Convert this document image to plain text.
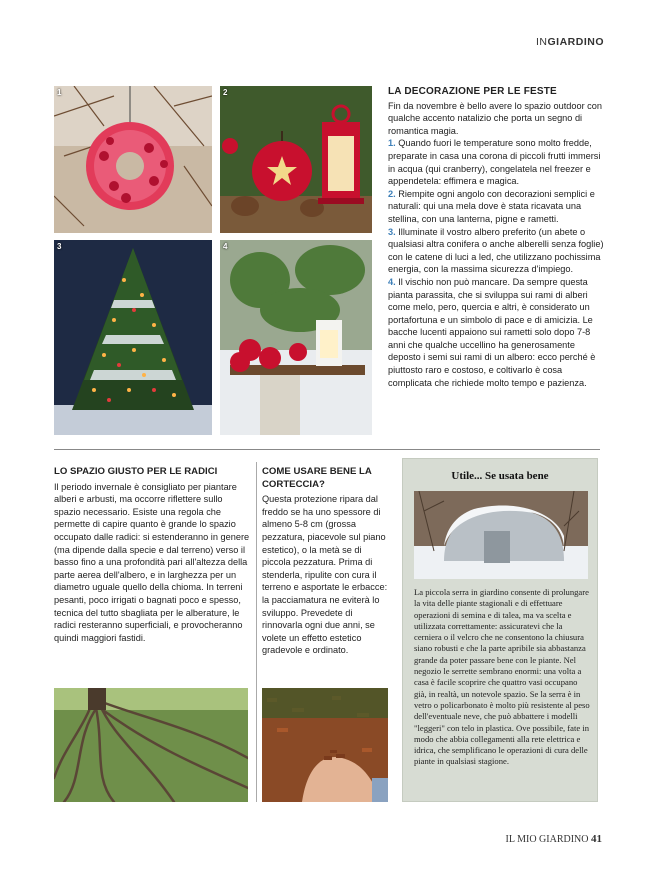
INGIARDINO
1	2
3	4
LA DECORAZIONE PER LE FESTE

Fin da novembre è bello avere lo spazio outdoor con qualche accento natalizio che porta un segno di romantica magia.

1. Quando fuori le temperature sono molto fredde, preparate in casa una corona di piccoli frutti immersi in acqua (qui cranberry), congelatela nel freezer e appendetela: effimera e magica.

2. Riempite ogni angolo con decorazioni semplici e naturali: qui una mela dove è stata ricavata una stellina, con una lanterna, pigne e rametti.

3. Illuminate il vostro albero preferito (un abete o qualsiasi altra conifera o anche alberelli senza foglie) con le catene di luci a led, che utilizzano pochissima energia, con la massima sicurezza d'impiego.

4. Il vischio non può mancare. Da sempre questa pianta parassita, che si sviluppa sui rami di alberi come melo, pero, quercia e altri, è considerato un portafortuna e un simbolo di pace e di amicizia. Le bacche lucenti appaiono sui rametti solo dopo 7-8 anni che qualche uccellino ha generosamente deposto i semi sui rami di un albero: ecco perché è piuttosto raro e costoso, e coltivarlo è cosa complicata che richiede molto tempo e pazienza.

LO SPAZIO GIUSTO PER LE RADICI

Il periodo invernale è consigliato per piantare alberi e arbusti, ma occorre riflettere sullo spazio necessario. Esiste una regola che permette di capire quanto è grande lo spazio occupato dalle radici: si estenderanno in genere (ma dipende dalla specie e dal terreno) verso il basso fino a una profondità pari all'altezza della parte aerea dell'albero, e in larghezza per un diametro uguale quello della chioma. In terreni pesanti, poco irrigati o bagnati poco e spesso, tecnica del tutto sbagliata per le alberature, le radici resteranno superficiali, e provocheranno quindi maggiori fastidi.

COME USARE BENE LA CORTECCIA?

Questa protezione ripara dal freddo se ha uno spessore di almeno 5-8 cm (grossa pezzatura, piacevole sul piano estetico), o la metà se di piccola pezzatura. Prima di stenderla, ripulite con cura il terreno e asportate le erbacce: la pacciamatura ne eviterà lo sviluppo. Prevedete di rinnovarla ogni due anni, se volete un effetto estetico gradevole e ordinato.

Utile... Se usata bene

La piccola serra in giardino consente di prolungare la vita delle piante stagionali e di effettuare operazioni di semina e di talea, ma va scelta e utilizzata correttamente: assicuratevi che la cerniera o il velcro che ne consentono la chiusura siano robusti e che la parte apribile sia abbastanza grande da poter passare bene con le piante. Nel negozio le serrette sembrano enormi: una volta a casa è facile scoprire che quattro vasi occupano già, in realtà, un notevole spazio. Se la serra è in vetro o policarbonato è molto più resistente al peso dell'eventuale neve, che può abbattere i modelli "leggeri" con telo in plastica. Ove possibile, fate in modo che abbia collegamenti alla rete elettrica e idrica, che semplificano le operazioni di cura delle piante in qualsiasi stagione.

IL MIO GIARDINO 41
